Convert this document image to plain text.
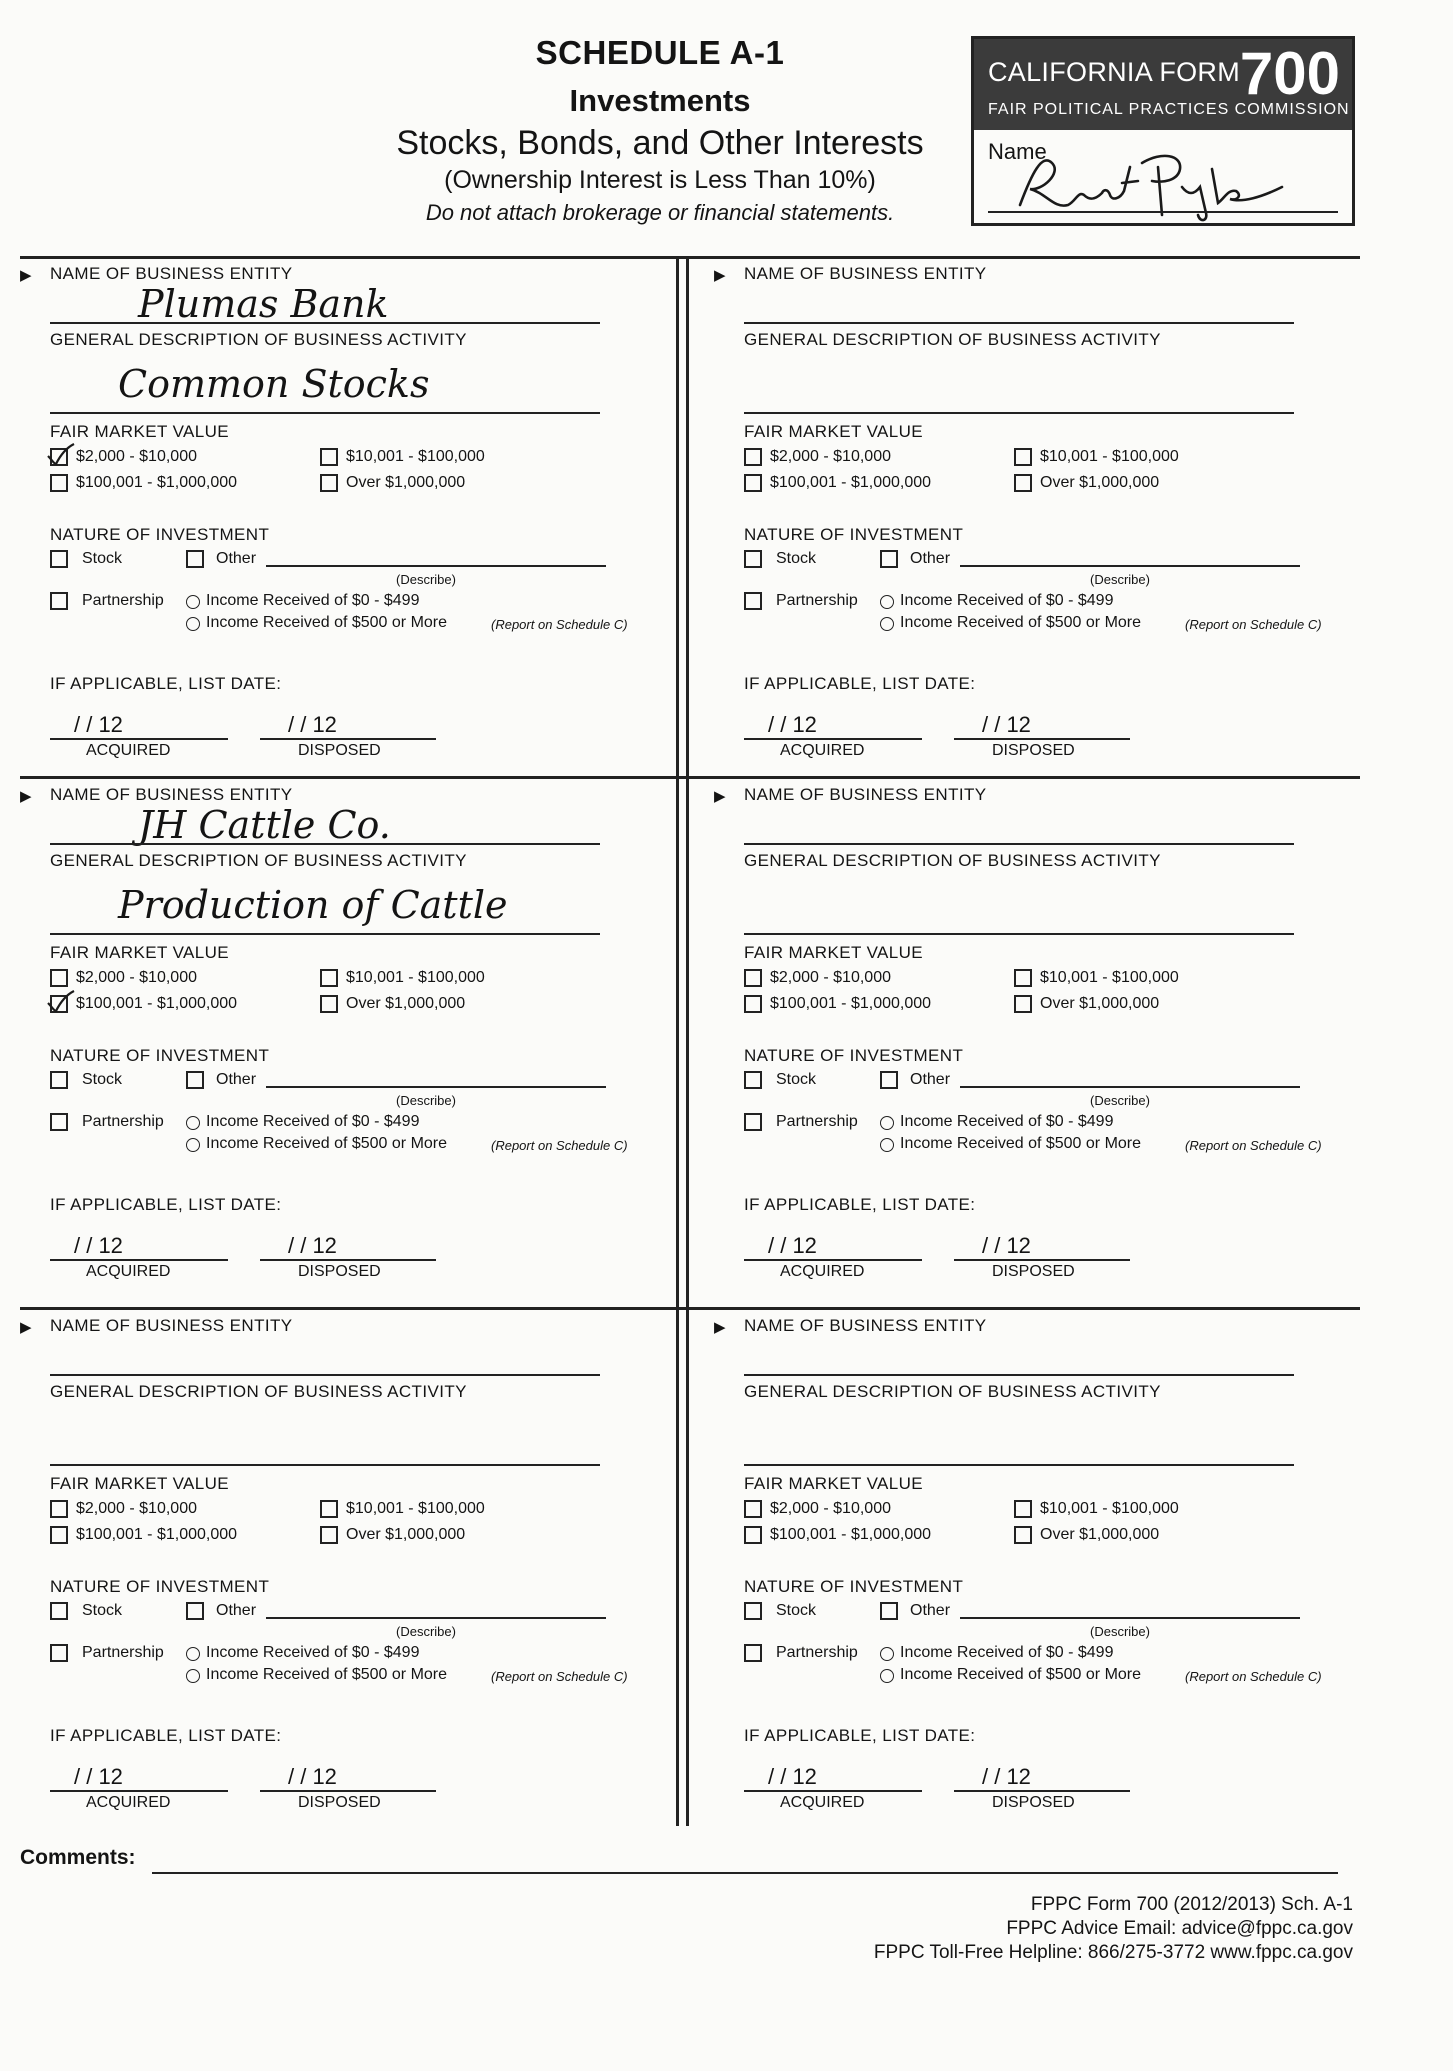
SCHEDULE A-1
Investments
Stocks, Bonds, and Other Interests
(Ownership Interest is Less Than 10%)
Do not attach brokerage or financial statements.
CALIFORNIA FORM 700
FAIR POLITICAL PRACTICES COMMISSION
Name
▶ NAME OF BUSINESS ENTITY
Plumas Bank
GENERAL DESCRIPTION OF BUSINESS ACTIVITY
Common Stocks
FAIR MARKET VALUE
$2,000 - $10,000	$10,001 - $100,000
$100,001 - $1,000,000	Over $1,000,000
NATURE OF INVESTMENT
Stock	Other
(Describe)
Partnership	Income Received of $0 - $499
Income Received of $500 or More	(Report on Schedule C)
IF APPLICABLE, LIST DATE:
/ / 12
ACQUIRED
/ / 12
DISPOSED
▶ NAME OF BUSINESS ENTITY
GENERAL DESCRIPTION OF BUSINESS ACTIVITY
FAIR MARKET VALUE
$2,000 - $10,000	$10,001 - $100,000
$100,001 - $1,000,000	Over $1,000,000
NATURE OF INVESTMENT
Stock	Other
(Describe)
Partnership	Income Received of $0 - $499
Income Received of $500 or More	(Report on Schedule C)
IF APPLICABLE, LIST DATE:
/ / 12
ACQUIRED
/ / 12
DISPOSED
▶ NAME OF BUSINESS ENTITY
JH Cattle Co.
GENERAL DESCRIPTION OF BUSINESS ACTIVITY
Production of Cattle
FAIR MARKET VALUE
$2,000 - $10,000	$10,001 - $100,000
$100,001 - $1,000,000	Over $1,000,000
NATURE OF INVESTMENT
Stock	Other
(Describe)
Partnership	Income Received of $0 - $499
Income Received of $500 or More	(Report on Schedule C)
IF APPLICABLE, LIST DATE:
/ / 12
ACQUIRED
/ / 12
DISPOSED
▶ NAME OF BUSINESS ENTITY
GENERAL DESCRIPTION OF BUSINESS ACTIVITY
FAIR MARKET VALUE
$2,000 - $10,000	$10,001 - $100,000
$100,001 - $1,000,000	Over $1,000,000
NATURE OF INVESTMENT
Stock	Other
(Describe)
Partnership	Income Received of $0 - $499
Income Received of $500 or More	(Report on Schedule C)
IF APPLICABLE, LIST DATE:
/ / 12
ACQUIRED
/ / 12
DISPOSED
▶ NAME OF BUSINESS ENTITY
GENERAL DESCRIPTION OF BUSINESS ACTIVITY
FAIR MARKET VALUE
$2,000 - $10,000	$10,001 - $100,000
$100,001 - $1,000,000	Over $1,000,000
NATURE OF INVESTMENT
Stock	Other
(Describe)
Partnership	Income Received of $0 - $499
Income Received of $500 or More	(Report on Schedule C)
IF APPLICABLE, LIST DATE:
/ / 12
ACQUIRED
/ / 12
DISPOSED
▶ NAME OF BUSINESS ENTITY
GENERAL DESCRIPTION OF BUSINESS ACTIVITY
FAIR MARKET VALUE
$2,000 - $10,000	$10,001 - $100,000
$100,001 - $1,000,000	Over $1,000,000
NATURE OF INVESTMENT
Stock	Other
(Describe)
Partnership	Income Received of $0 - $499
Income Received of $500 or More	(Report on Schedule C)
IF APPLICABLE, LIST DATE:
/ / 12
ACQUIRED
/ / 12
DISPOSED
Comments:
FPPC Form 700 (2012/2013) Sch. A-1
FPPC Advice Email: advice@fppc.ca.gov
FPPC Toll-Free Helpline: 866/275-3772 www.fppc.ca.gov
